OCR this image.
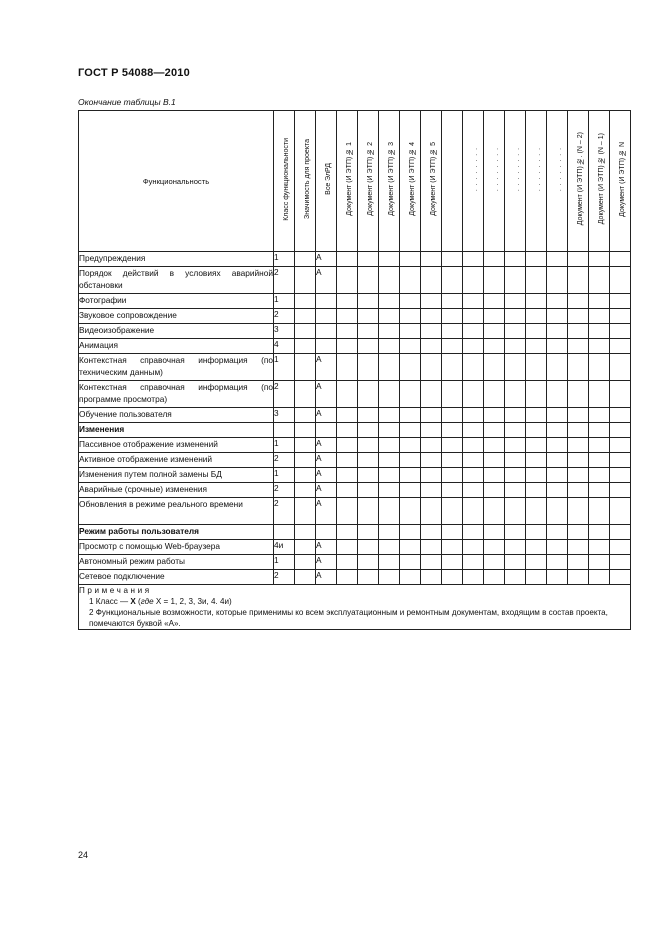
ГОСТ Р 54088—2010
Окончание таблицы В.1
Функциональность	Класс функциональности	Значимость для проекта	Все ЭлРД	Документ (И ЭТП) № 1	Документ (И ЭТП) № 2	Документ (И ЭТП) № 3	Документ (И ЭТП) № 4	Документ (И ЭТП) № 5		. . . . . . . .	. . . . . . . .	. . . . . . . .	. . . . . . . .	. . . . . . . .	Документ (И ЭТП) №. (N – 2)	Документ (И ЭТП) № (N – 1)	Документ (И ЭТП) № N
Предупреждения	1		А														
Порядок действий в условиях аварийной обстановки	2		А														
Фотографии	1																
Звуковое сопровождение	2																
Видеоизображение	3																
Анимация	4																
Контекстная справочная информация (по техническим данным)	1		А														
Контекстная справочная информация (по программе просмотра)	2		А														
Обучение пользователя	3		А														
Изменения																	
Пассивное отображение изменений	1		А														
Активное отображение изменений	2		А														
Изменения путем полной замены БД	1		А														
Аварийные (срочные) изменения	2		А														
Обновления в режиме реального времени	2		А														
Режим работы пользователя																	
Просмотр с помощью Web-браузера	4и		А														
Автономный режим работы	1		А														
Сетевое подключение	2		А														

Примечания
1 Класс — Х (где Х = 1, 2, 3, 3и, 4. 4и)
2 Функциональные возможности, которые применимы ко всем эксплуатационным и ремонтным документам, входящим в состав проекта, помечаются буквой «А».																	
24
